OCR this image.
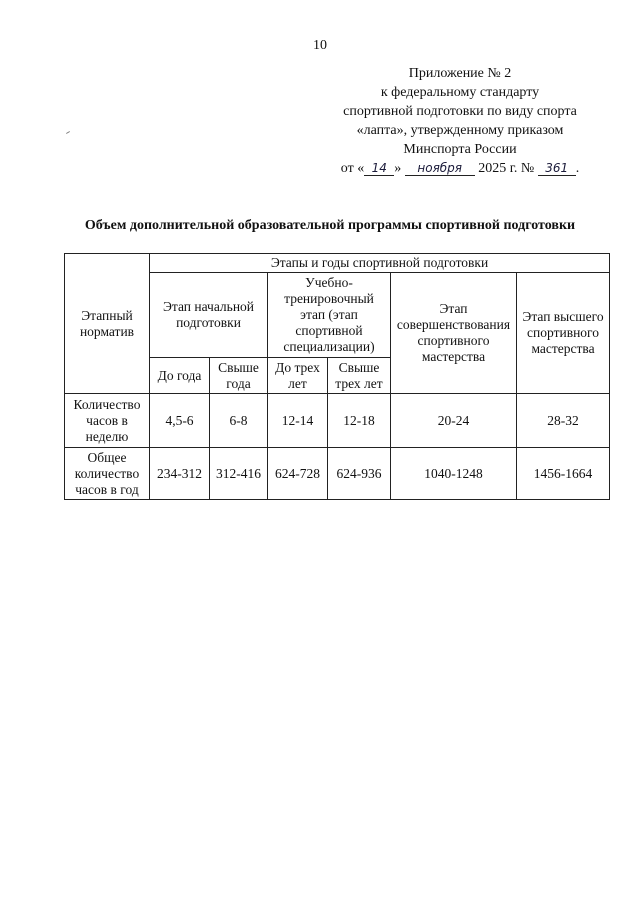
10
Приложение № 2
к федеральному стандарту
спортивной подготовки по виду спорта
«лапта», утвержденному приказом
Минспорта России
от « 14 » ноября 2025 г. № 361 .
Объем дополнительной образовательной программы спортивной подготовки
Этапный норматив	Этапы и годы спортивной подготовки					
	Этап начальной подготовки		Учебно-тренировочный этап (этап спортивной специализации)		Этап совершенствования спортивного мастерства	Этап высшего спортивного мастерства
	До года	Свыше года	До трех лет	Свыше трех лет		
Количество часов в неделю	4,5-6	6-8	12-14	12-18	20-24	28-32
Общее количество часов в год	234-312	312-416	624-728	624-936	1040-1248	1456-1664
